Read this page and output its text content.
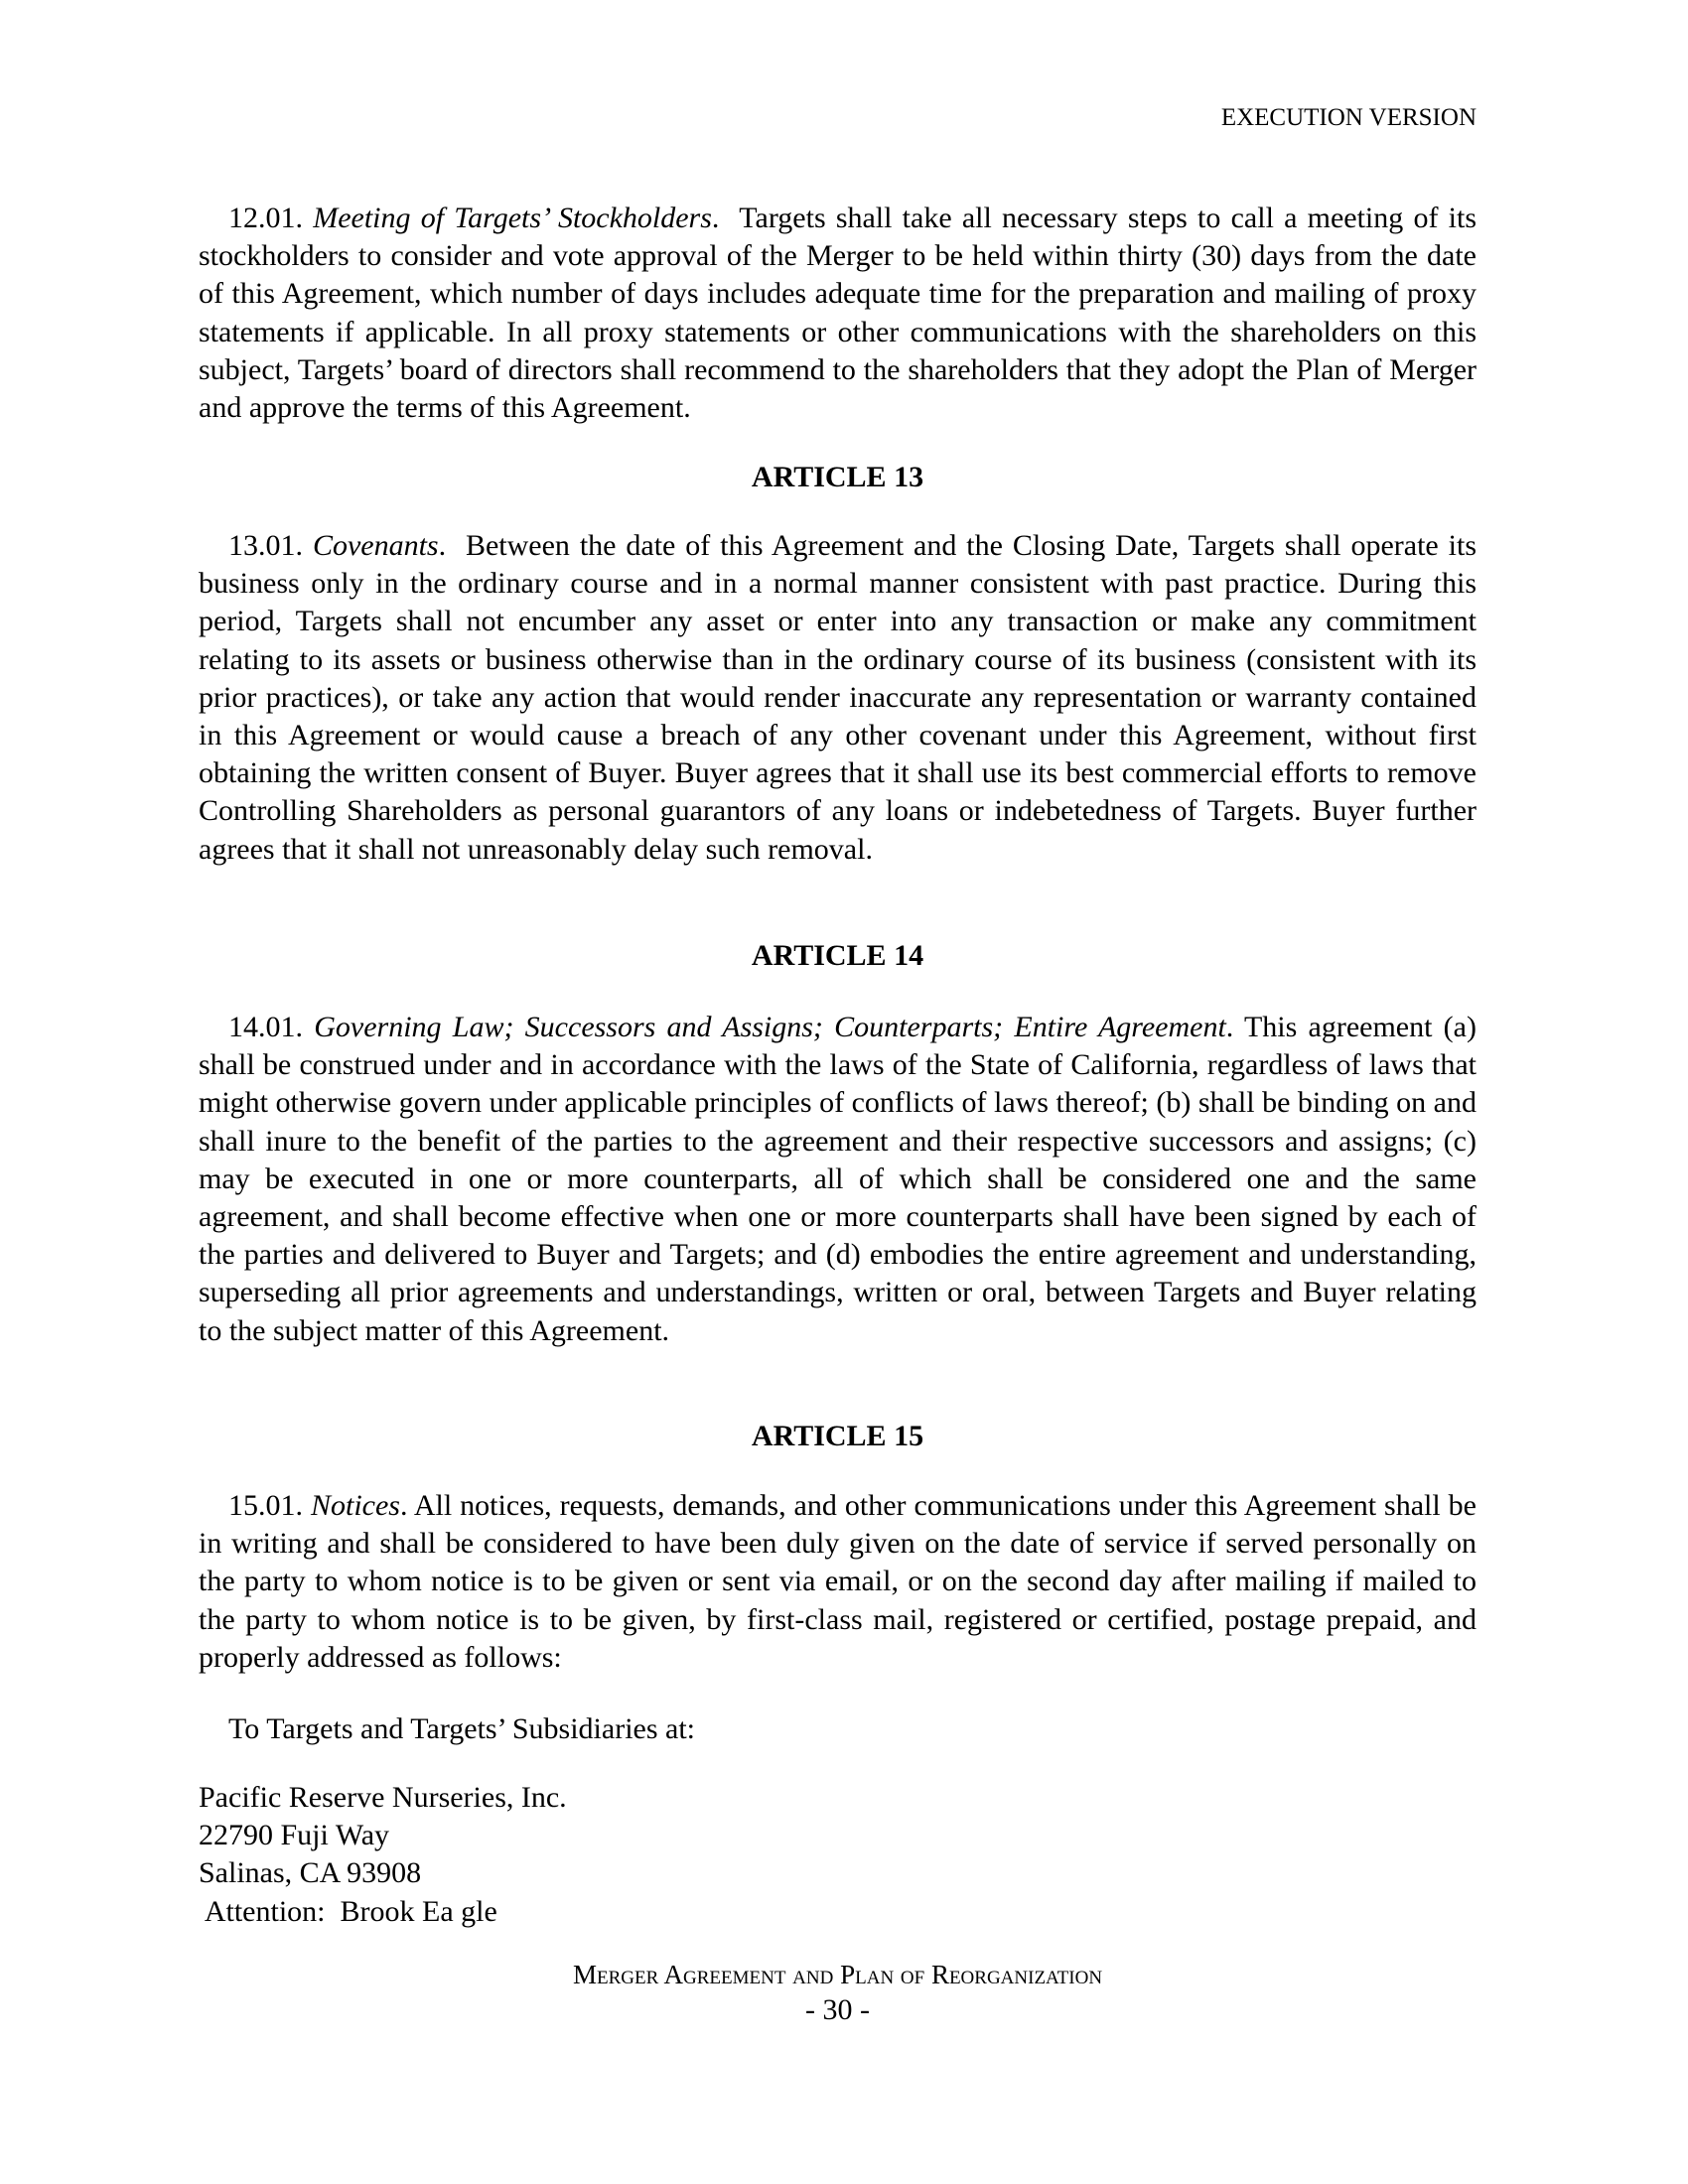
EXECUTION VERSION
12.01. Meeting of Targets’ Stockholders.  Targets shall take all necessary steps to call a meeting of its stockholders to consider and vote approval of the Merger to be held within thirty (30) days from the date of this Agreement, which number of days includes adequate time for the preparation and mailing of proxy statements if applicable. In all proxy statements or other communications with the shareholders on this subject, Targets’ board of directors shall recommend to the shareholders that they adopt the Plan of Merger and approve the terms of this Agreement.
ARTICLE 13
13.01. Covenants.  Between the date of this Agreement and the Closing Date, Targets shall operate its business only in the ordinary course and in a normal manner consistent with past practice. During this period, Targets shall not encumber any asset or enter into any transaction or make any commitment relating to its assets or business otherwise than in the ordinary course of its business (consistent with its prior practices), or take any action that would render inaccurate any representation or warranty contained in this Agreement or would cause a breach of any other covenant under this Agreement, without first obtaining the written consent of Buyer. Buyer agrees that it shall use its best commercial efforts to remove Controlling Shareholders as personal guarantors of any loans or indebetedness of Targets. Buyer further agrees that it shall not unreasonably delay such removal.
ARTICLE 14
14.01. Governing Law; Successors and Assigns; Counterparts; Entire Agreement. This agreement (a) shall be construed under and in accordance with the laws of the State of California, regardless of laws that might otherwise govern under applicable principles of conflicts of laws thereof; (b) shall be binding on and shall inure to the benefit of the parties to the agreement and their respective successors and assigns; (c) may be executed in one or more counterparts, all of which shall be considered one and the same agreement, and shall become effective when one or more counterparts shall have been signed by each of the parties and delivered to Buyer and Targets; and (d) embodies the entire agreement and understanding, superseding all prior agreements and understandings, written or oral, between Targets and Buyer relating to the subject matter of this Agreement.
ARTICLE 15
15.01. Notices. All notices, requests, demands, and other communications under this Agreement shall be in writing and shall be considered to have been duly given on the date of service if served personally on the party to whom notice is to be given or sent via email, or on the second day after mailing if mailed to the party to whom notice is to be given, by first-class mail, registered or certified, postage prepaid, and properly addressed as follows:
To Targets and Targets’ Subsidiaries at:
Pacific Reserve Nurseries, Inc.
22790 Fuji Way
Salinas, CA 93908
Attention:  Brook Ea gle
Merger Agreement and Plan of Reorganization
- 30 -
